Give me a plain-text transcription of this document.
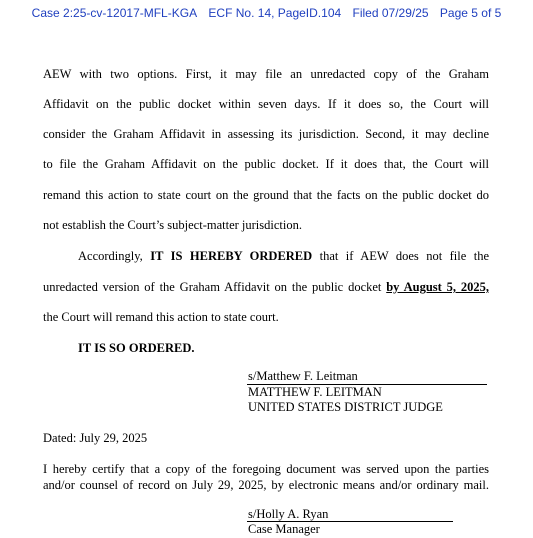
Case 2:25-cv-12017-MFL-KGA ECF No. 14, PageID.104 Filed 07/29/25 Page 5 of 5
AEW with two options. First, it may file an unredacted copy of the Graham
Affidavit on the public docket within seven days. If it does so, the Court will
consider the Graham Affidavit in assessing its jurisdiction. Second, it may decline
to file the Graham Affidavit on the public docket. If it does that, the Court will
remand this action to state court on the ground that the facts on the public docket do
not establish the Court’s subject-matter jurisdiction.
Accordingly, IT IS HEREBY ORDERED that if AEW does not file the
unredacted version of the Graham Affidavit on the public docket by August 5, 2025,
the Court will remand this action to state court.
IT IS SO ORDERED.
s/Matthew F. Leitman
MATTHEW F. LEITMAN
UNITED STATES DISTRICT JUDGE
Dated: July 29, 2025
I hereby certify that a copy of the foregoing document was served upon the parties
and/or counsel of record on July 29, 2025, by electronic means and/or ordinary mail.
s/Holly A. Ryan
Case Manager
